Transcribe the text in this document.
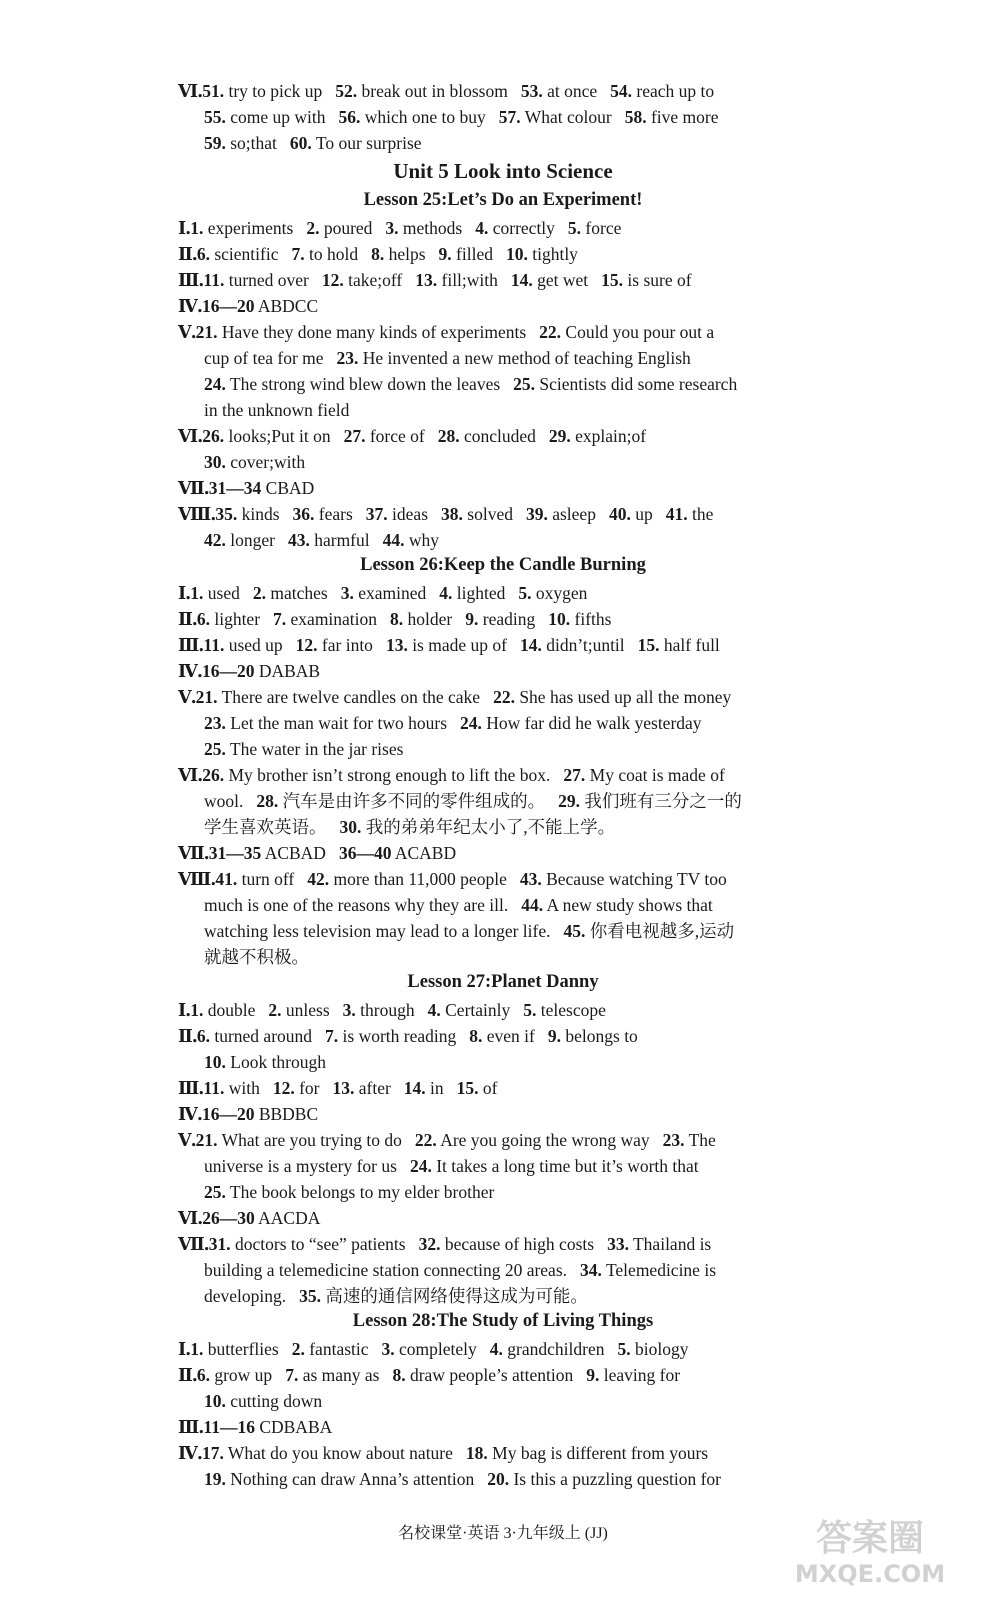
Ⅵ.51. try to pick up 52. break out in blossom 53. at once 54. reach up to
55. come up with 56. which one to buy 57. What colour 58. five more
59. so;that 60. To our surprise
Unit 5 Look into Science
Lesson 25:Let’s Do an Experiment!
Ⅰ.1. experiments 2. poured 3. methods 4. correctly 5. force
Ⅱ.6. scientific 7. to hold 8. helps 9. filled 10. tightly
Ⅲ.11. turned over 12. take;off 13. fill;with 14. get wet 15. is sure of
Ⅳ.16—20 ABDCC
Ⅴ.21. Have they done many kinds of experiments 22. Could you pour out a
cup of tea for me 23. He invented a new method of teaching English
24. The strong wind blew down the leaves 25. Scientists did some research
in the unknown field
Ⅵ.26. looks;Put it on 27. force of 28. concluded 29. explain;of
30. cover;with
Ⅶ.31—34 CBAD
Ⅷ.35. kinds 36. fears 37. ideas 38. solved 39. asleep 40. up 41. the
42. longer 43. harmful 44. why
Lesson 26:Keep the Candle Burning
Ⅰ.1. used 2. matches 3. examined 4. lighted 5. oxygen
Ⅱ.6. lighter 7. examination 8. holder 9. reading 10. fifths
Ⅲ.11. used up 12. far into 13. is made up of 14. didn’t;until 15. half full
Ⅳ.16—20 DABAB
Ⅴ.21. There are twelve candles on the cake 22. She has used up all the money
23. Let the man wait for two hours 24. How far did he walk yesterday
25. The water in the jar rises
Ⅵ.26. My brother isn’t strong enough to lift the box. 27. My coat is made of
wool. 28. 汽车是由许多不同的零件组成的。 29. 我们班有三分之一的
学生喜欢英语。 30. 我的弟弟年纪太小了,不能上学。
Ⅶ.31—35 ACBAD 36—40 ACABD
Ⅷ.41. turn off 42. more than 11,000 people 43. Because watching TV too
much is one of the reasons why they are ill. 44. A new study shows that
watching less television may lead to a longer life. 45. 你看电视越多,运动
就越不积极。
Lesson 27:Planet Danny
Ⅰ.1. double 2. unless 3. through 4. Certainly 5. telescope
Ⅱ.6. turned around 7. is worth reading 8. even if 9. belongs to
10. Look through
Ⅲ.11. with 12. for 13. after 14. in 15. of
Ⅳ.16—20 BBDBC
Ⅴ.21. What are you trying to do 22. Are you going the wrong way 23. The
universe is a mystery for us 24. It takes a long time but it’s worth that
25. The book belongs to my elder brother
Ⅵ.26—30 AACDA
Ⅶ.31. doctors to “see” patients 32. because of high costs 33. Thailand is
building a telemedicine station connecting 20 areas. 34. Telemedicine is
developing. 35. 高速的通信网络使得这成为可能。
Lesson 28:The Study of Living Things
Ⅰ.1. butterflies 2. fantastic 3. completely 4. grandchildren 5. biology
Ⅱ.6. grow up 7. as many as 8. draw people’s attention 9. leaving for
10. cutting down
Ⅲ.11—16 CDBABA
Ⅳ.17. What do you know about nature 18. My bag is different from yours
19. Nothing can draw Anna’s attention 20. Is this a puzzling question for
名校课堂·英语 3·九年级上 (JJ)	答案圈
MXQE.COM
